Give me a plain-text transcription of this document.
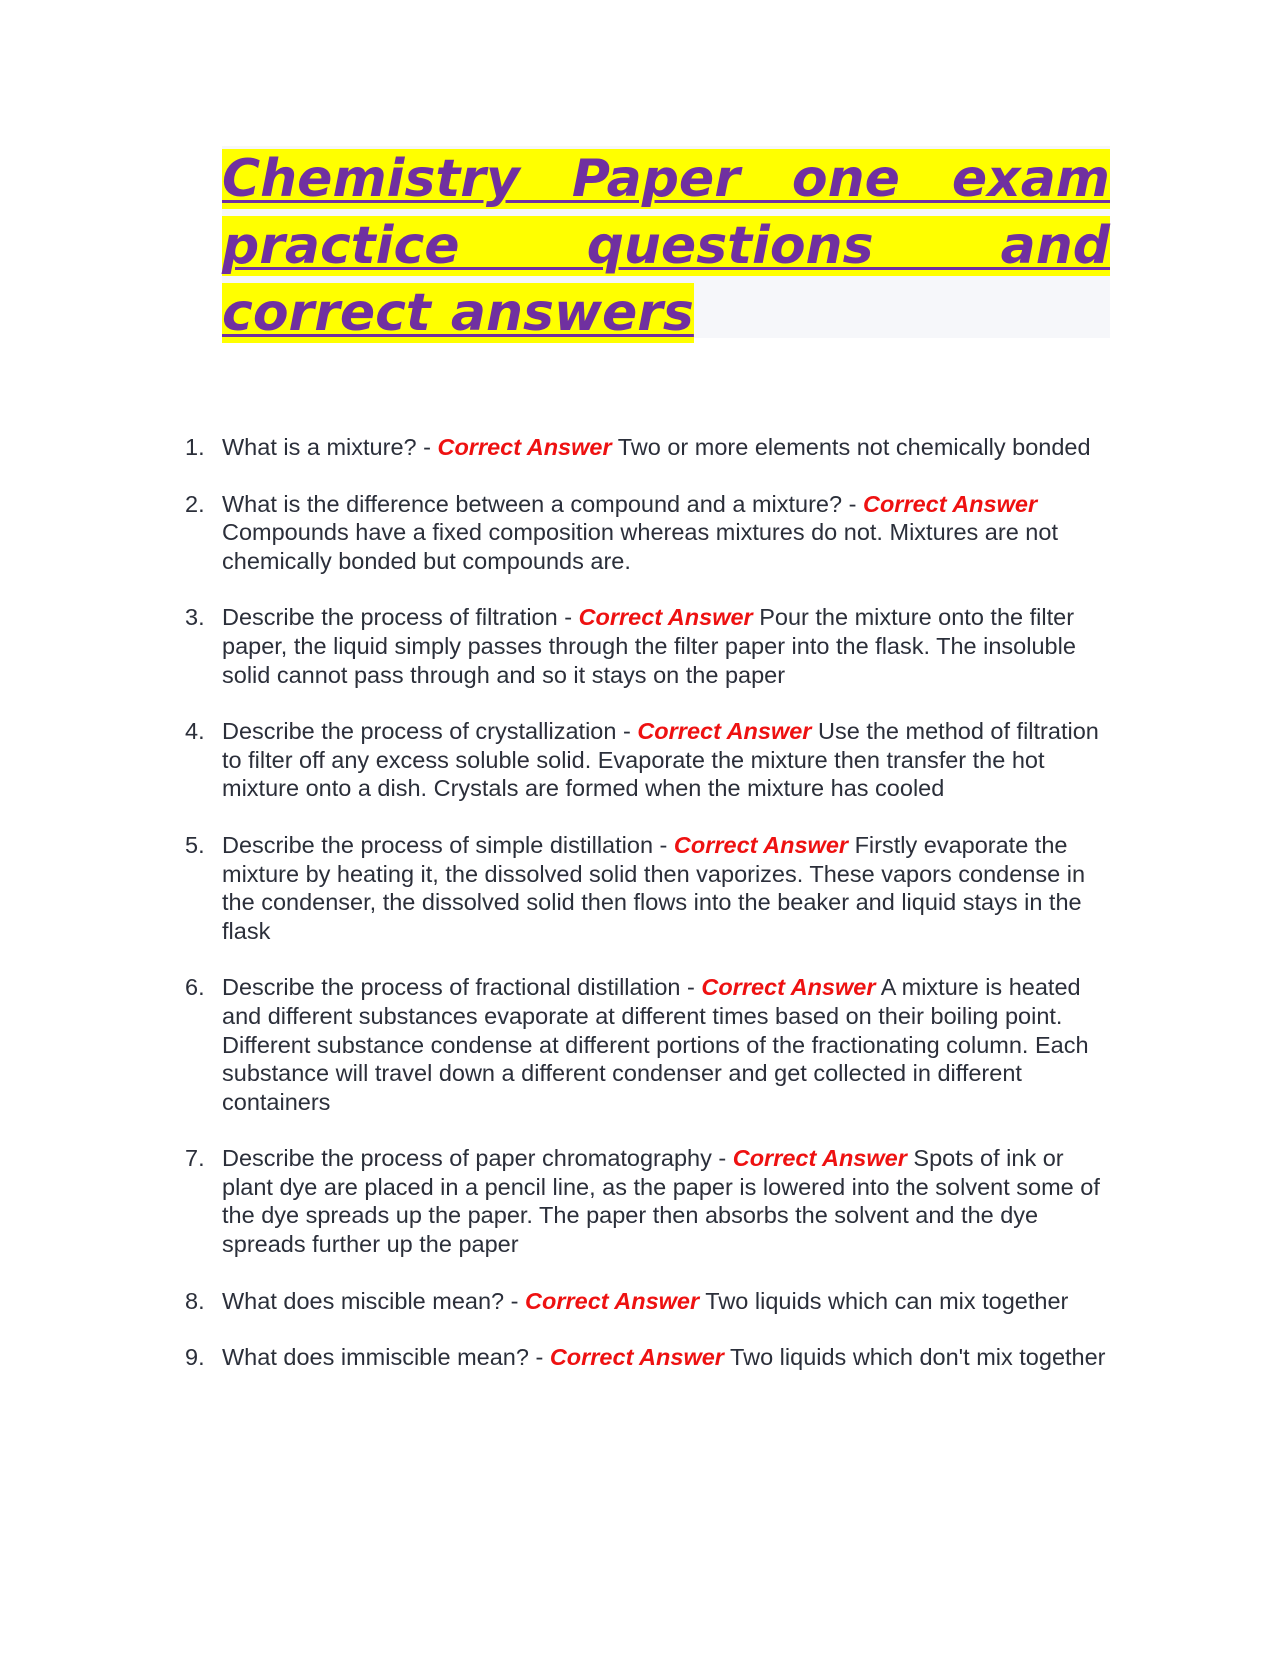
Chemistry Paper one exam practice questions and correct answers
1. What is a mixture? - Correct Answer Two or more elements not chemically bonded
2. What is the difference between a compound and a mixture? - Correct Answer Compounds have a fixed composition whereas mixtures do not. Mixtures are not chemically bonded but compounds are.
3. Describe the process of filtration - Correct Answer Pour the mixture onto the filter paper, the liquid simply passes through the filter paper into the flask. The insoluble solid cannot pass through and so it stays on the paper
4. Describe the process of crystallization - Correct Answer Use the method of filtration to filter off any excess soluble solid. Evaporate the mixture then transfer the hot mixture onto a dish. Crystals are formed when the mixture has cooled
5. Describe the process of simple distillation - Correct Answer Firstly evaporate the mixture by heating it, the dissolved solid then vaporizes. These vapors condense in the condenser, the dissolved solid then flows into the beaker and liquid stays in the flask
6. Describe the process of fractional distillation - Correct Answer A mixture is heated and different substances evaporate at different times based on their boiling point. Different substance condense at different portions of the fractionating column. Each substance will travel down a different condenser and get collected in different containers
7. Describe the process of paper chromatography - Correct Answer Spots of ink or plant dye are placed in a pencil line, as the paper is lowered into the solvent some of the dye spreads up the paper. The paper then absorbs the solvent and the dye spreads further up the paper
8. What does miscible mean? - Correct Answer Two liquids which can mix together
9. What does immiscible mean? - Correct Answer Two liquids which don't mix together
